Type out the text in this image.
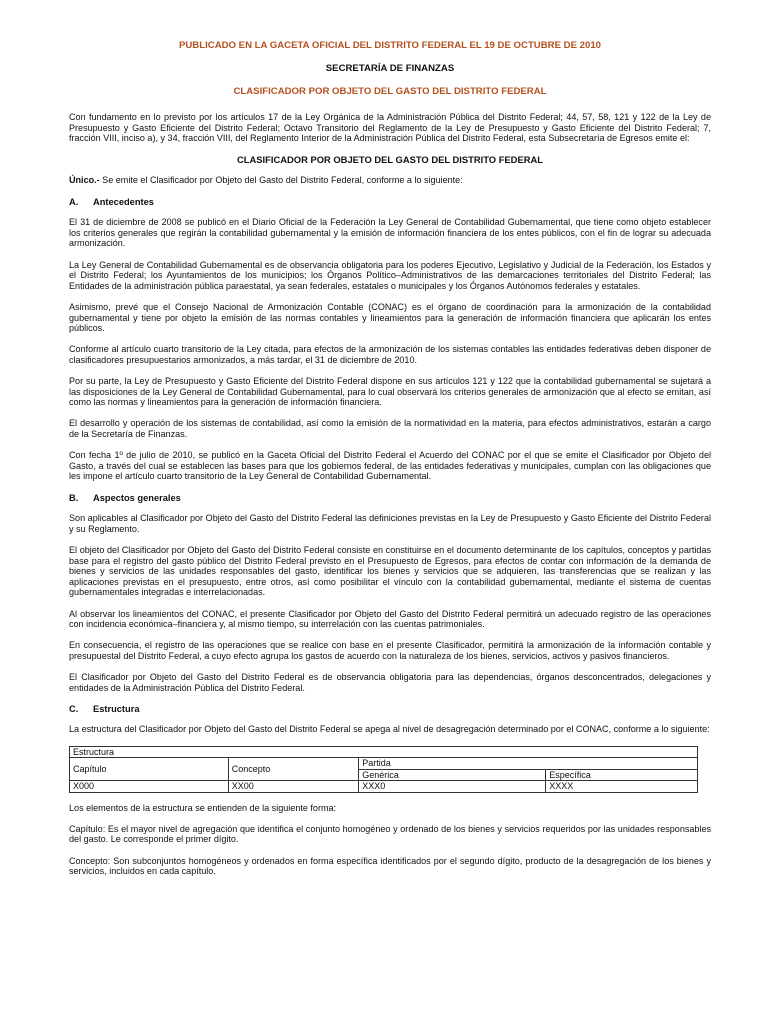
PUBLICADO EN LA GACETA OFICIAL DEL DISTRITO FEDERAL EL 19 DE OCTUBRE DE 2010

SECRETARÍA DE FINANZAS

CLASIFICADOR POR OBJETO DEL GASTO DEL DISTRITO FEDERAL

Con fundamento en lo previsto por los artículos 17 de la Ley Orgánica de la Administración Pública del Distrito Federal; 44, 57, 58, 121 y 122 de la Ley de Presupuesto y Gasto Eficiente del Distrito Federal; Octavo Transitorio del Reglamento de la Ley de Presupuesto y Gasto Eficiente del Distrito Federal; 7, fracción VIII, inciso a), y 34, fracción VIII, del Reglamento Interior de la Administración Pública del Distrito Federal, esta Subsecretaría de Egresos emite el:

CLASIFICADOR POR OBJETO DEL GASTO DEL DISTRITO FEDERAL

Único.- Se emite el Clasificador por Objeto del Gasto del Distrito Federal, conforme a lo siguiente:

A.	Antecedentes

El 31 de diciembre de 2008 se publicó en el Diario Oficial de la Federación la Ley General de Contabilidad Gubernamental, que tiene como objeto establecer los criterios generales que regirán la contabilidad gubernamental y la emisión de información financiera de los entes públicos, con el fin de lograr su adecuada armonización.

La Ley General de Contabilidad Gubernamental es de observancia obligatoria para los poderes Ejecutivo, Legislativo y Judicial de la Federación, los Estados y el Distrito Federal; los Ayuntamientos de los municipios; los Órganos Político–Administrativos de las demarcaciones territoriales del Distrito Federal; las Entidades de la administración pública paraestatal, ya sean federales, estatales o municipales y los Órganos Autónomos federales y estatales.

Asimismo, prevé que el Consejo Nacional de Armonización Contable (CONAC) es el órgano de coordinación para la armonización de la contabilidad gubernamental y tiene por objeto la emisión de las normas contables y lineamientos para la generación de información financiera que aplicarán los entes públicos.

Conforme al artículo cuarto transitorio de la Ley citada, para efectos de la armonización de los sistemas contables las entidades federativas deben disponer de clasificadores presupuestarios armonizados, a más tardar, el 31 de diciembre de 2010.

Por su parte, la Ley de Presupuesto y Gasto Eficiente del Distrito Federal dispone en sus artículos 121 y 122 que la contabilidad gubernamental se sujetará a las disposiciones de la Ley General de Contabilidad Gubernamental, para lo cual observará los criterios generales de armonización que al efecto se emitan, así como las normas y lineamientos para la generación de información financiera.

El desarrollo y operación de los sistemas de contabilidad, así como la emisión de la normatividad en la materia, para efectos administrativos, estarán a cargo de la Secretaría de Finanzas.

Con fecha 1º de julio de 2010, se publicó en la Gaceta Oficial del Distrito Federal el Acuerdo del CONAC por el que se emite el Clasificador por Objeto del Gasto, a través del cual se establecen las bases para que los gobiernos federal, de las entidades federativas y municipales, cumplan con las obligaciones que les impone el artículo cuarto transitorio de la Ley General de Contabilidad Gubernamental.

B.	Aspectos generales

Son aplicables al Clasificador por Objeto del Gasto del Distrito Federal las definiciones previstas en la Ley de Presupuesto y Gasto Eficiente del Distrito Federal y su Reglamento.

El objeto del Clasificador por Objeto del Gasto del Distrito Federal consiste en constituirse en el documento determinante de los capítulos, conceptos y partidas base para el registro del gasto público del Distrito Federal previsto en el Presupuesto de Egresos, para efectos de contar con información de la demanda de bienes y servicios de las unidades responsables del gasto, identificar los bienes y servicios que se adquieren, las transferencias que se realizan y las aplicaciones previstas en el presupuesto, entre otros, así como posibilitar el vínculo con la contabilidad gubernamental, mediante el sistema de cuentas gubernamentales integradas e interrelacionadas.

Al observar los lineamientos del CONAC, el presente Clasificador por Objeto del Gasto del Distrito Federal permitirá un adecuado registro de las operaciones con incidencia económica–financiera y, al mismo tiempo, su interrelación con las cuentas patrimoniales.

En consecuencia, el registro de las operaciones que se realice con base en el presente Clasificador, permitirá la armonización de la información contable y presupuestal del Distrito Federal, a cuyo efecto agrupa los gastos de acuerdo con la naturaleza de los bienes, servicios, activos y pasivos financieros.

El Clasificador por Objeto del Gasto del Distrito Federal es de observancia obligatoria para las dependencias, órganos desconcentrados, delegaciones y entidades de la Administración Pública del Distrito Federal.

C.	Estructura

La estructura del Clasificador por Objeto del Gasto del Distrito Federal se apega al nivel de desagregación determinado por el CONAC, conforme a lo siguiente:

Estructura			
Capítulo	Concepto	Partida	
		Genérica	Específica
X000	XX00	XXX0	XXXX

Los elementos de la estructura se entienden de la siguiente forma:

Capítulo: Es el mayor nivel de agregación que identifica el conjunto homogéneo y ordenado de los bienes y servicios requeridos por las unidades responsables del gasto. Le corresponde el primer dígito.

Concepto: Son subconjuntos homogéneos y ordenados en forma específica identificados por el segundo dígito, producto de la desagregación de los bienes y servicios, incluidos en cada capítulo.
